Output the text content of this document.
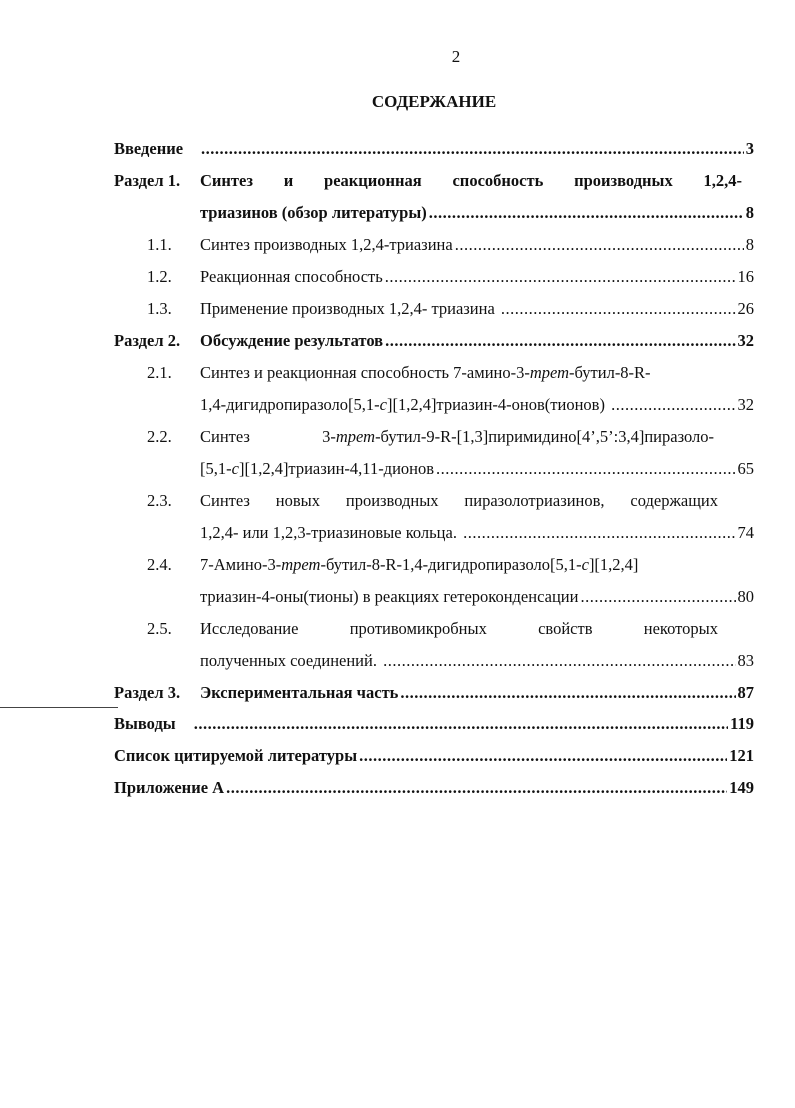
2
СОДЕРЖАНИЕ
Введение .....	3
Раздел 1. Синтез и реакционная способность производных 1,2,4-
триазинов (обзор литературы) .....	8
1.1. Синтез производных 1,2,4-триазина .....	8
1.2. Реакционная способность .....	16
1.3. Применение производных 1,2,4- триазина .....	26
Раздел 2. Обсуждение результатов .....	32
2.1. Синтез и реакционная способность 7-амино-3-трет-бутил-8-R-
1,4-дигидропиразоло[5,1-c][1,2,4]триазин-4-онов(тионов) .....	32
2.2. Синтез	3-трет-бутил-9-R-[1,3]пиримидино[4’,5’:3,4]пиразоло-
[5,1-c][1,2,4]триазин-4,11-дионов .....	65
2.3. Синтез новых производных пиразолотриазинов, содержащих
1,2,4- или 1,2,3-триазиновые кольца. .....	74
2.4. 7-Амино-3-трет-бутил-8-R-1,4-дигидропиразоло[5,1-c][1,2,4]
триазин-4-оны(тионы) в реакциях гетероконденсации .....	80
2.5. Исследование	противомикробных	свойств	некоторых
полученных соединений. .....	83
Раздел 3. Экспериментальная часть .....	87
Выводы .....	119
Список цитируемой литературы .....	121
Приложение А .....	149
